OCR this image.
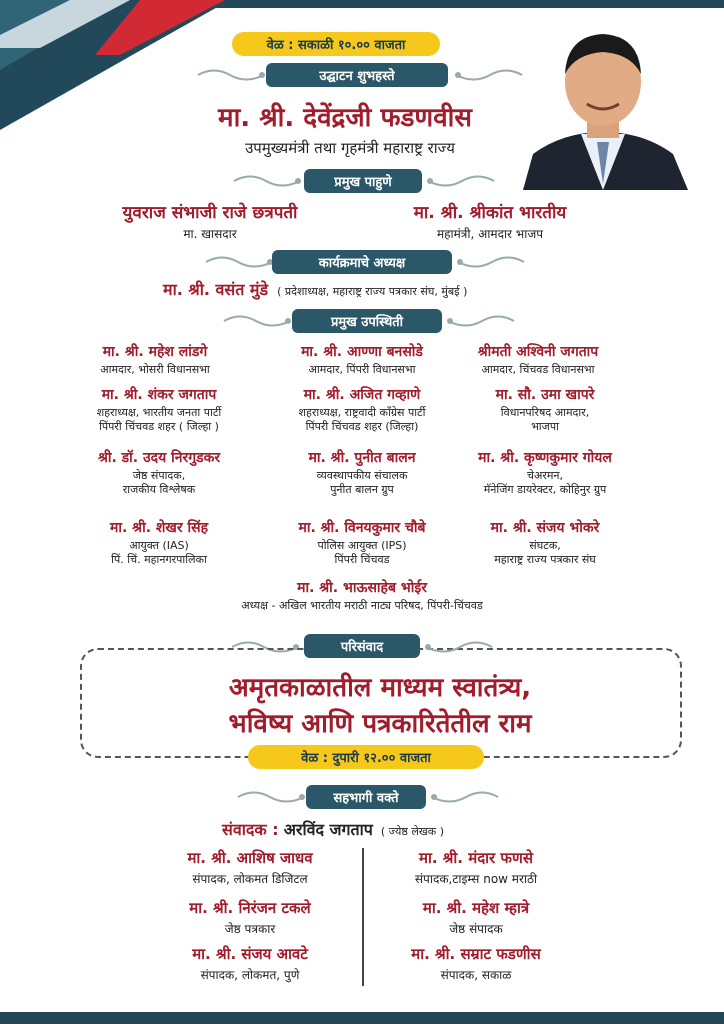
वेळ : सकाळी १०.०० वाजता
उद्घाटन शुभहस्ते
मा. श्री. देवेंद्रजी फडणवीस
उपमुख्यमंत्री तथा गृहमंत्री महाराष्ट्र राज्य
प्रमुख पाहुणे
युवराज संभाजी राजे छत्रपती
मा. खासदार
मा. श्री. श्रीकांत भारतीय
महामंत्री, आमदार भाजप
कार्यक्रमाचे अध्यक्ष
मा. श्री. वसंत मुंडे ( प्रदेशाध्यक्ष, महाराष्ट्र राज्य पत्रकार संघ, मुंबई )
प्रमुख उपस्थिती
मा. श्री. महेश लांडगे
आमदार, भोसरी विधानसभा
मा. श्री. आण्णा बनसोडे
आमदार, पिंपरी विधानसभा
श्रीमती अश्विनी जगताप
आमदार, चिंचवड विधानसभा
मा. श्री. शंकर जगताप
शहराध्यक्ष, भारतीय जनता पार्टी
पिंपरी चिंचवड शहर ( जिल्हा )
मा. श्री. अजित गव्हाणे
शहराध्यक्ष, राष्ट्रवादी काँग्रेस पार्टी
पिंपरी चिंचवड शहर (जिल्हा)
मा. सौ. उमा खापरे
विधानपरिषद आमदार,
भाजपा
श्री. डॉ. उदय निरगुडकर
जेष्ठ संपादक,
राजकीय विश्लेषक
मा. श्री. पुनीत बालन
व्यवस्थापकीय संचालक
पुनीत बालन ग्रुप
मा. श्री. कृष्णकुमार गोयल
चेअरमन,
मॅनेजिंग डायरेक्टर, कोहिनुर ग्रुप
मा. श्री. शेखर सिंह
आयुक्त (IAS)
पिं. चिं. महानगरपालिका
मा. श्री. विनयकुमार चौबे
पोलिस आयुक्त (IPS)
पिंपरी चिंचवड
मा. श्री. संजय भोकरे
संघटक,
महाराष्ट्र राज्य पत्रकार संघ
मा. श्री. भाऊसाहेब भोईर
अध्यक्ष - अखिल भारतीय मराठी नाट्य परिषद, पिंपरी-चिंचवड
परिसंवाद
अमृतकाळातील माध्यम स्वातंत्र्य,
भविष्य आणि पत्रकारितेतील राम
वेळ : दुपारी १२.०० वाजता
सहभागी वक्ते
संवादक : अरविंद जगताप ( ज्येष्ठ लेखक )
मा. श्री. आशिष जाधव
संपादक, लोकमत डिजिटल
मा. श्री. निरंजन टकले
जेष्ठ पत्रकार
मा. श्री. संजय आवटे
संपादक, लोकमत, पुणे
मा. श्री. मंदार फणसे
संपादक,टाइम्स now मराठी
मा. श्री. महेश म्हात्रे
जेष्ठ संपादक
मा. श्री. सम्राट फडणीस
संपादक, सकाळ
